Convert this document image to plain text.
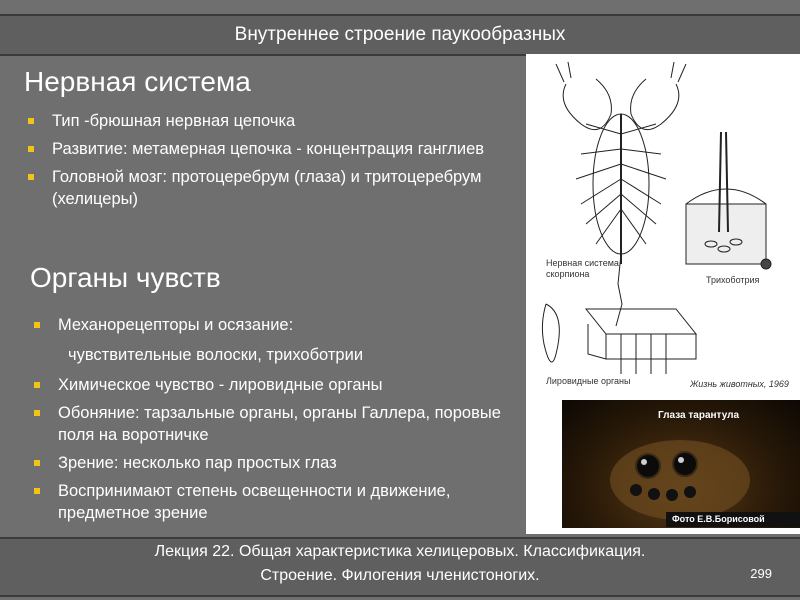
Внутреннее строение паукообразных
Нервная система
Тип -брюшная нервная цепочка
Развитие: метамерная цепочка - концентрация ганглиев
Головной мозг: протоцеребрум (глаза) и тритоцеребрум (хелицеры)
Органы чувств
Механорецепторы и осязание:
чувствительные волоски, трихоботрии
Химическое чувство - лировидные органы
Обоняние: тарзальные органы, органы Галлера, поровые поля на воротничке
Зрение: несколько пар простых глаз
Воспринимают степень освещенности и движение, предметное зрение
Нервная система скорпиона
Трихоботрия
Лировидные органы	Жизнь животных, 1969
Глаза тарантула
Фото Е.В.Борисовой
Лекция 22. Общая характеристика хелицеровых. Классификация.
Строение. Филогения членистоногих.	299
